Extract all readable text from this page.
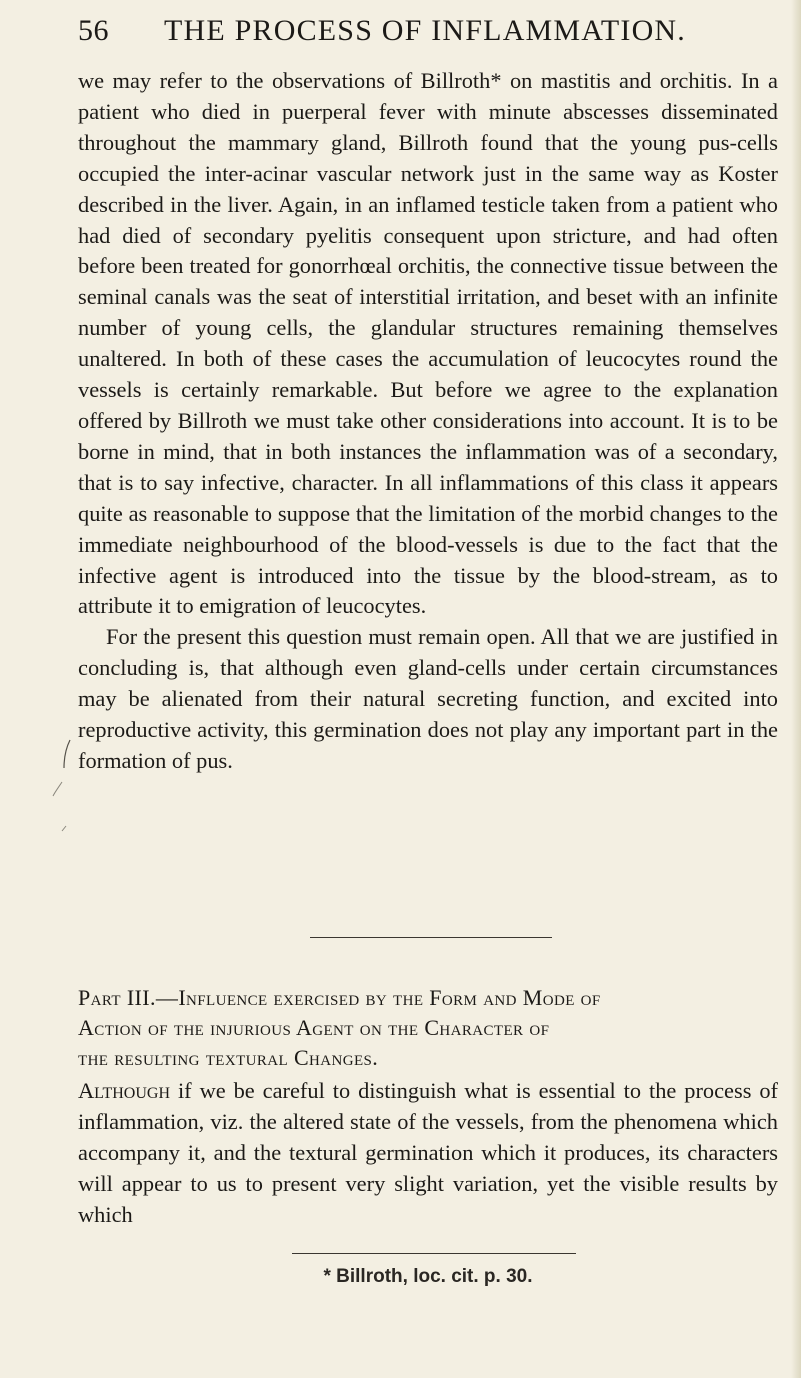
56 THE PROCESS OF INFLAMMATION.

we may refer to the observations of Billroth* on mastitis and orchitis. In a patient who died in puerperal fever with minute abscesses disseminated throughout the mammary gland, Billroth found that the young pus-cells occupied the inter-acinar vascular network just in the same way as Koster described in the liver. Again, in an inflamed testicle taken from a patient who had died of secondary pyelitis consequent upon stricture, and had often before been treated for gonorrhœal orchitis, the connective tissue between the seminal canals was the seat of interstitial irritation, and beset with an infinite number of young cells, the glandular structures remaining themselves unaltered. In both of these cases the accumulation of leucocytes round the vessels is certainly remarkable. But before we agree to the explanation offered by Billroth we must take other considerations into account. It is to be borne in mind, that in both instances the inflammation was of a secondary, that is to say infective, character. In all inflammations of this class it appears quite as reasonable to suppose that the limitation of the morbid changes to the immediate neighbourhood of the blood-vessels is due to the fact that the infective agent is introduced into the tissue by the blood-stream, as to attribute it to emigration of leucocytes.

For the present this question must remain open. All that we are justified in concluding is, that although even gland-cells under certain circumstances may be alienated from their natural secreting function, and excited into reproductive activity, this germination does not play any important part in the formation of pus.

Part III.—Influence exercised by the Form and Mode of
Action of the injurious Agent on the Character of
the resulting textural Changes.

Although if we be careful to distinguish what is essential to the process of inflammation, viz. the altered state of the vessels, from the phenomena which accompany it, and the textural germination which it produces, its characters will appear to us to present very slight variation, yet the visible results by which

* Billroth, loc. cit. p. 30.
